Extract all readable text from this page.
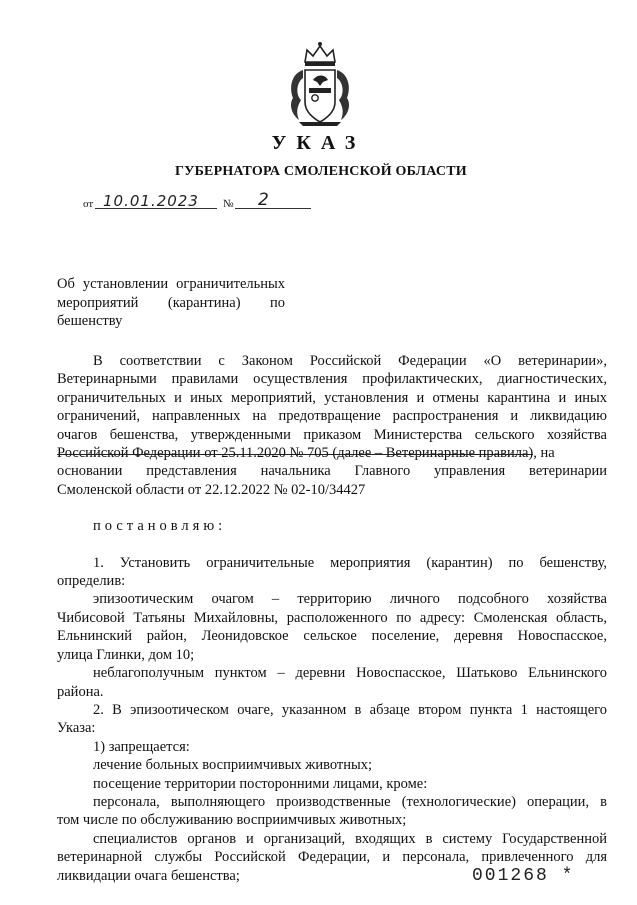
УКАЗ
ГУБЕРНАТОРА СМОЛЕНСКОЙ ОБЛАСТИ
от 10.01.2023 № 2
Об установлении ограничительных
мероприятий (карантина) по
бешенству
В соответствии с Законом Российской Федерации «О ветеринарии»,
Ветеринарными правилами осуществления профилактических, диагностических,
ограничительных и иных мероприятий, установления и отмены карантина и иных
ограничений, направленных на предотвращение распространения и ликвидацию
очагов бешенства, утвержденными приказом Министерства сельского хозяйства
Российской Федерации от 25.11.2020 № 705 (далее – Ветеринарные правила), на
основании представления начальника Главного управления ветеринарии
Смоленской области от 22.12.2022 № 02-10/34427
постановляю:
1. Установить ограничительные мероприятия (карантин) по бешенству,
определив:
эпизоотическим очагом – территорию личного подсобного хозяйства
Чибисовой Татьяны Михайловны, расположенного по адресу: Смоленская область,
Ельнинский район, Леонидовское сельское поселение, деревня Новоспасское,
улица Глинки, дом 10;
неблагополучным пунктом – деревни Новоспасское, Шатьково Ельнинского
района.
2. В эпизоотическом очаге, указанном в абзаце втором пункта 1 настоящего
Указа:
1) запрещается:
лечение больных восприимчивых животных;
посещение территории посторонними лицами, кроме:
персонала, выполняющего производственные (технологические) операции, в
том числе по обслуживанию восприимчивых животных;
специалистов органов и организаций, входящих в систему Государственной
ветеринарной службы Российской Федерации, и персонала, привлеченного для
ликвидации очага бешенства;	001268 *
